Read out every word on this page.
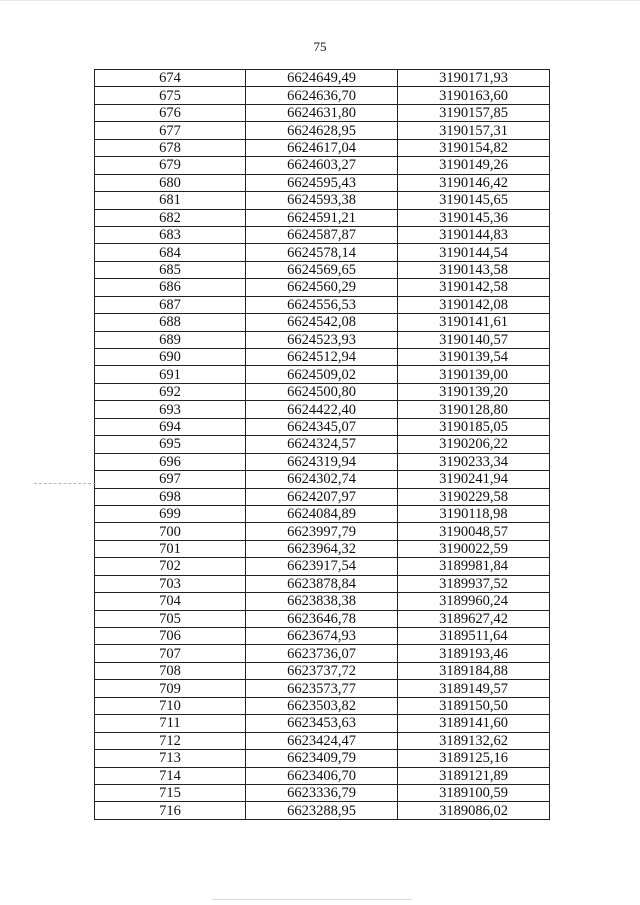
75
674	6624649,49	3190171,93
675	6624636,70	3190163,60
676	6624631,80	3190157,85
677	6624628,95	3190157,31
678	6624617,04	3190154,82
679	6624603,27	3190149,26
680	6624595,43	3190146,42
681	6624593,38	3190145,65
682	6624591,21	3190145,36
683	6624587,87	3190144,83
684	6624578,14	3190144,54
685	6624569,65	3190143,58
686	6624560,29	3190142,58
687	6624556,53	3190142,08
688	6624542,08	3190141,61
689	6624523,93	3190140,57
690	6624512,94	3190139,54
691	6624509,02	3190139,00
692	6624500,80	3190139,20
693	6624422,40	3190128,80
694	6624345,07	3190185,05
695	6624324,57	3190206,22
696	6624319,94	3190233,34
697	6624302,74	3190241,94
698	6624207,97	3190229,58
699	6624084,89	3190118,98
700	6623997,79	3190048,57
701	6623964,32	3190022,59
702	6623917,54	3189981,84
703	6623878,84	3189937,52
704	6623838,38	3189960,24
705	6623646,78	3189627,42
706	6623674,93	3189511,64
707	6623736,07	3189193,46
708	6623737,72	3189184,88
709	6623573,77	3189149,57
710	6623503,82	3189150,50
711	6623453,63	3189141,60
712	6623424,47	3189132,62
713	6623409,79	3189125,16
714	6623406,70	3189121,89
715	6623336,79	3189100,59
716	6623288,95	3189086,02
